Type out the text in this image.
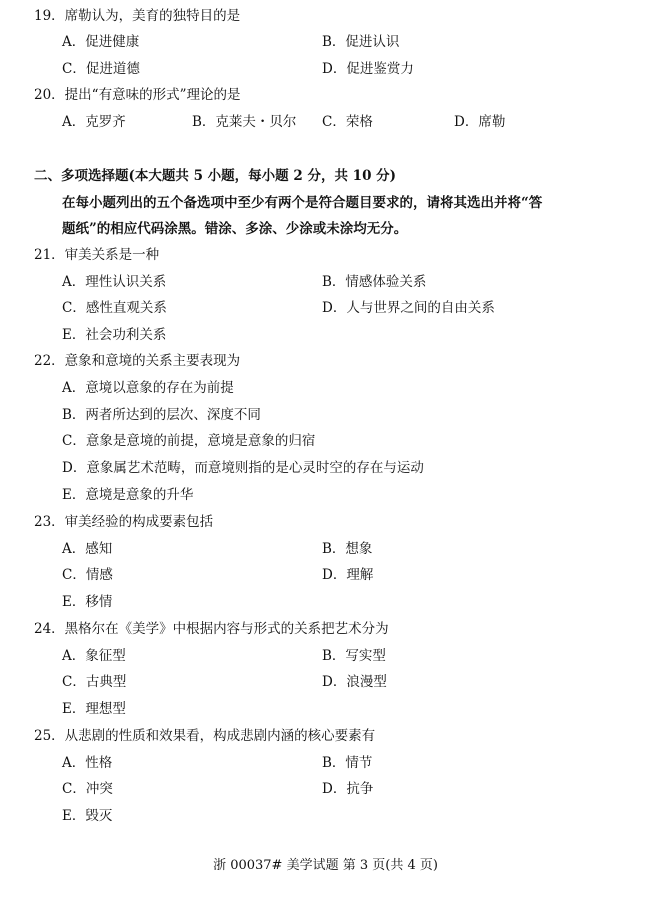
19．席勒认为，美育的独特目的是
A．促进健康	B．促进认识
C．促进道德	D．促进鉴赏力
20．提出“有意味的形式”理论的是
A．克罗齐	B．克莱夫・贝尔 C．荣格	D．席勒
二、多项选择题(本大题共 5 小题，每小题 2 分，共 10 分)
在每小题列出的五个备选项中至少有两个是符合题目要求的，请将其选出并将“答
题纸”的相应代码涂黑。错涂、多涂、少涂或未涂均无分。
21．审美关系是一种
A．理性认识关系	B．情感体验关系
C．感性直观关系	D．人与世界之间的自由关系
E．社会功利关系
22．意象和意境的关系主要表现为
A．意境以意象的存在为前提
B．两者所达到的层次、深度不同
C．意象是意境的前提，意境是意象的归宿
D．意象属艺术范畴，而意境则指的是心灵时空的存在与运动
E．意境是意象的升华
23．审美经验的构成要素包括
A．感知	B．想象
C．情感	D．理解
E．移情
24．黑格尔在《美学》中根据内容与形式的关系把艺术分为
A．象征型	B．写实型
C．古典型	D．浪漫型
E．理想型
25．从悲剧的性质和效果看，构成悲剧内涵的核心要素有
A．性格	B．情节
C．冲突	D．抗争
E．毁灭
浙 00037# 美学试题 第 3 页(共 4 页)
